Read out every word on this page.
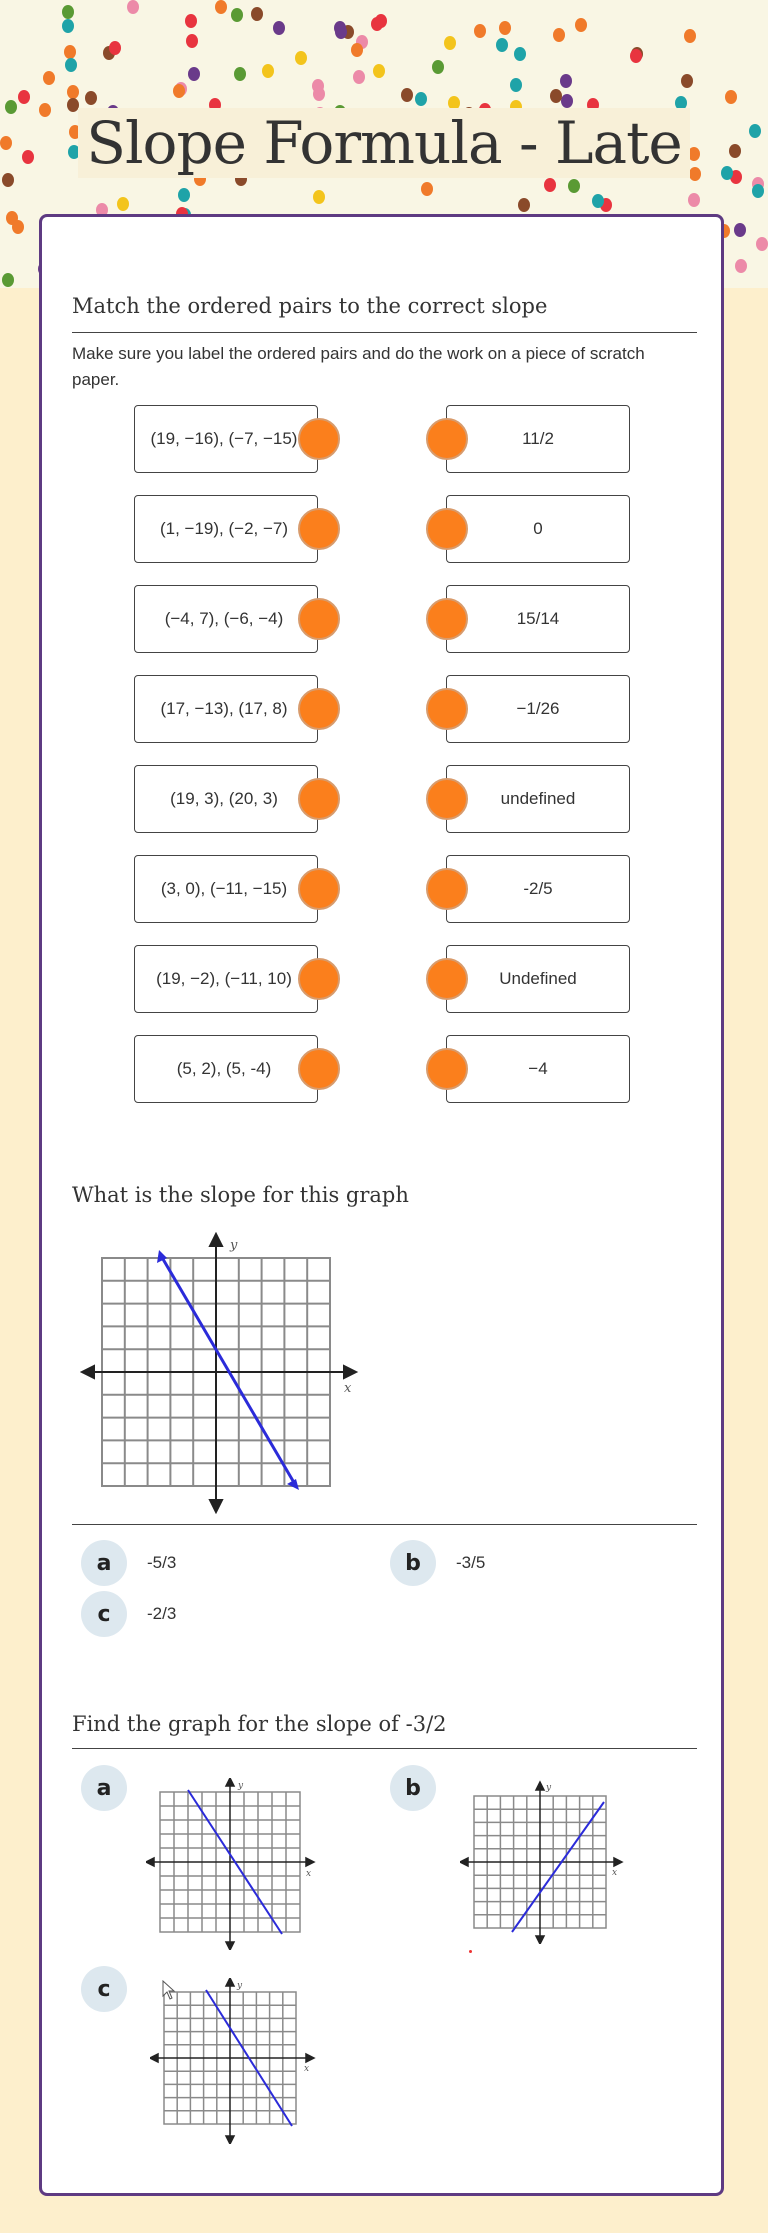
Slope Formula - Late
Match the ordered pairs to the correct slope
Make sure you label the ordered pairs and do the work on a piece of scratch paper.
(19, −16), (−7, −15)	11/2
(1, −19), (−2, −7)	0
(−4, 7), (−6, −4)	15/14
(17, −13), (17, 8)	−1/26
(19, 3), (20, 3)	undefined
(3, 0), (−11, −15)	-2/5
(19, −2), (−11, 10)	Undefined
(5, 2), (5, -4)	−4
What is the slope for this graph
y
x
a	-5/3	b	-3/5
c	-2/3
Find the graph for the slope of -3/2
a	y
x
b	y
x
c	y
x
